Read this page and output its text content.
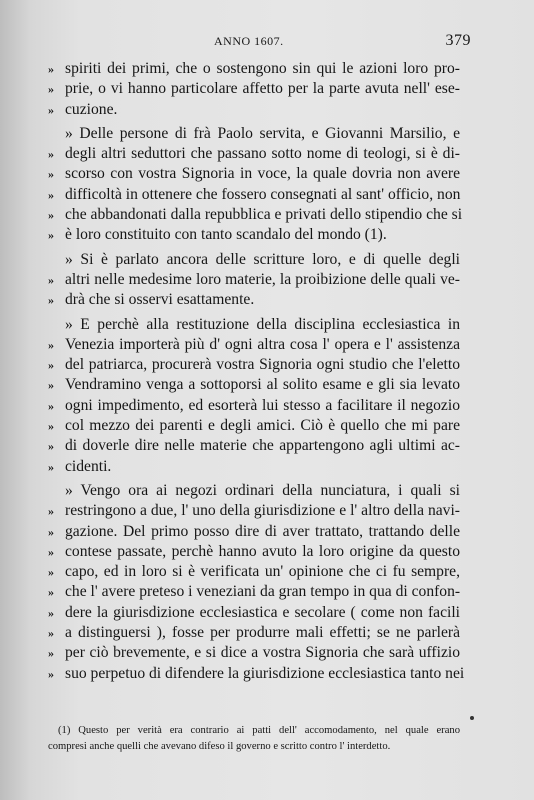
ANNO 1607.	379
» spiriti dei primi, che o sostengono sin qui le azioni loro pro-
» prie, o vi hanno particolare affetto per la parte avuta nell' ese-
» cuzione.
» Delle persone di frà Paolo servita, e Giovanni Marsilio, e
» degli altri seduttori che passano sotto nome di teologi, si è di-
» scorso con vostra Signoria in voce, la quale dovria non avere
» difficoltà in ottenere che fossero consegnati al sant' officio, non
» che abbandonati dalla repubblica e privati dello stipendio che si
» è loro constituito con tanto scandalo del mondo (1).
» Si è parlato ancora delle scritture loro, e di quelle degli
» altri nelle medesime loro materie, la proibizione delle quali ve-
» drà che si osservi esattamente.
» E perchè alla restituzione della disciplina ecclesiastica in
» Venezia importerà più d' ogni altra cosa l' opera e l' assistenza
» del patriarca, procurerà vostra Signoria ogni studio che l'eletto
» Vendramino venga a sottoporsi al solito esame e gli sia levato
» ogni impedimento, ed esorterà lui stesso a facilitare il negozio
» col mezzo dei parenti e degli amici. Ciò è quello che mi pare
» di doverle dire nelle materie che appartengono agli ultimi ac-
» cidenti.
» Vengo ora ai negozi ordinari della nunciatura, i quali si
» restringono a due, l' uno della giurisdizione e l' altro della navi-
» gazione. Del primo posso dire di aver trattato, trattando delle
» contese passate, perchè hanno avuto la loro origine da questo
» capo, ed in loro si è verificata un' opinione che ci fu sempre,
» che l' avere preteso i veneziani da gran tempo in qua di confon-
» dere la giurisdizione ecclesiastica e secolare ( come non facili
» a distinguersi ), fosse per produrre mali effetti; se ne parlerà
» per ciò brevemente, e si dice a vostra Signoria che sarà uffizio
» suo perpetuo di difendere la giurisdizione ecclesiastica tanto nei
(1) Questo per verità era contrario ai patti dell' accomodamento, nel quale erano
compresi anche quelli che avevano difeso il governo e scritto contro l' interdetto.
